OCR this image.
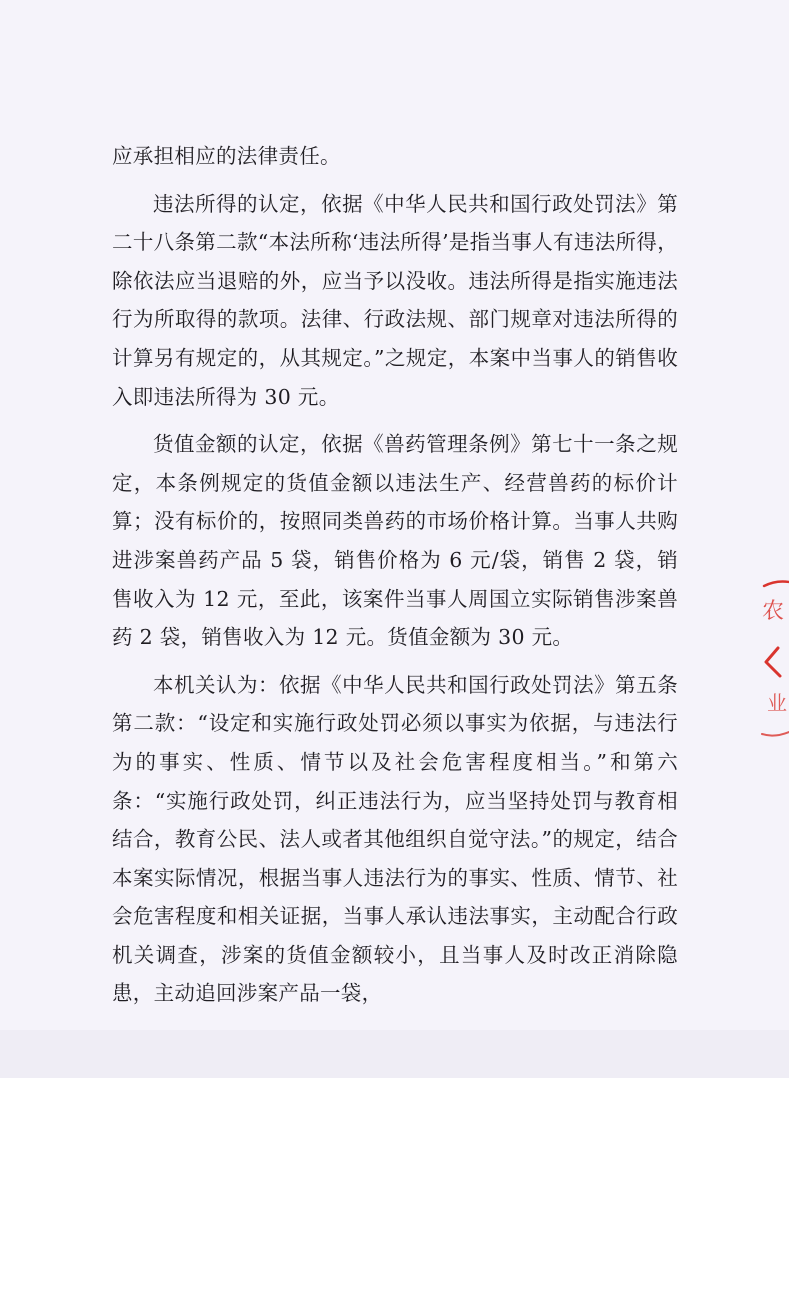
应承担相应的法律责任。

违法所得的认定，依据《中华人民共和国行政处罚法》第二十八条第二款“本法所称‘违法所得’是指当事人有违法所得，除依法应当退赔的外，应当予以没收。违法所得是指实施违法行为所取得的款项。法律、行政法规、部门规章对违法所得的计算另有规定的，从其规定。”之规定，本案中当事人的销售收入即违法所得为 30 元。

货值金额的认定，依据《兽药管理条例》第七十一条之规定，本条例规定的货值金额以违法生产、经营兽药的标价计算；没有标价的，按照同类兽药的市场价格计算。当事人共购进涉案兽药产品 5 袋，销售价格为 6 元/袋，销售 2 袋，销售收入为 12 元，至此，该案件当事人周国立实际销售涉案兽药 2 袋，销售收入为 12 元。货值金额为 30 元。

本机关认为：依据《中华人民共和国行政处罚法》第五条第二款：“设定和实施行政处罚必须以事实为依据，与违法行为的事实、性质、情节以及社会危害程度相当。”和第六条：“实施行政处罚，纠正违法行为，应当坚持处罚与教育相结合，教育公民、法人或者其他组织自觉守法。”的规定，结合本案实际情况，根据当事人违法行为的事实、性质、情节、社会危害程度和相关证据，当事人承认违法事实，主动配合行政机关调查，涉案的货值金额较小，且当事人及时改正消除隐患，主动追回涉案产品一袋，

农
业
